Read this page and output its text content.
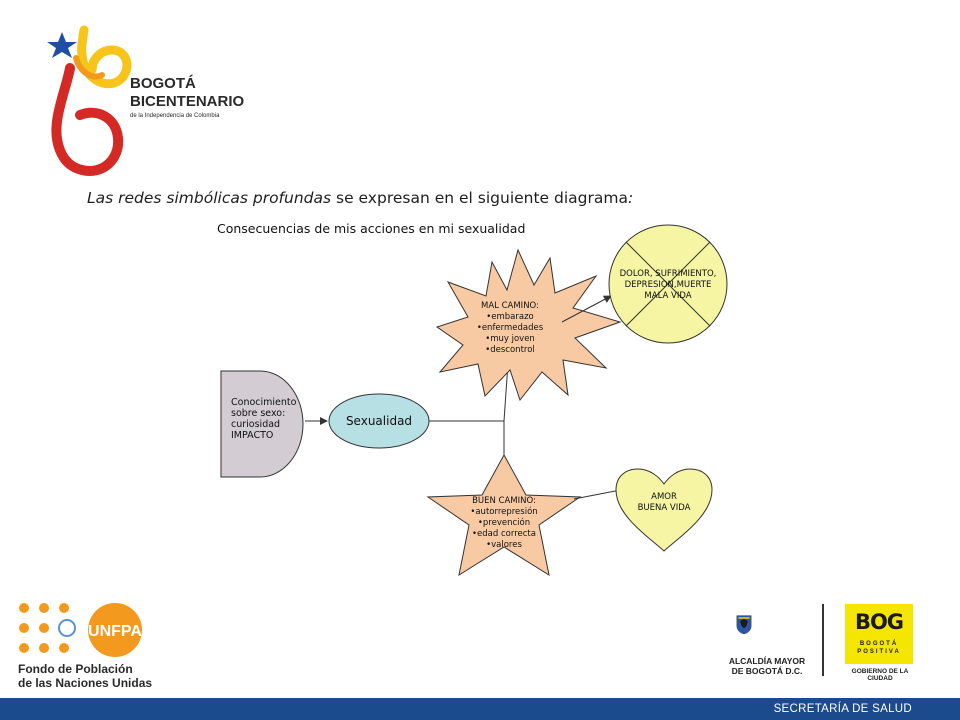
BOGOTÁ
BICENTENARIO
de la Independencia de Colombia
Las redes simbólicas profundas se expresan en el siguiente diagrama:
Consecuencias de mis acciones en mi sexualidad
Conocimiento
sobre sexo:
curiosidad
IMPACTO
Sexualidad
MAL CAMINO:
•embarazo
•enfermedades
•muy joven
•descontrol
DOLOR, SUFRIMIENTO,
DEPRESION,MUERTE
MALA VIDA
BUEN CAMINO:
•autorrepresión
•prevención
•edad correcta
•valores
AMOR
BUENA VIDA
UNFPA
Fondo de Población
de las Naciones Unidas
ALCALDÍA MAYOR
DE BOGOTÁ D.C.
BOG
BOGOTÁ
POSITIVA
GOBIERNO DE LA CIUDAD
SECRETARÍA DE SALUD
